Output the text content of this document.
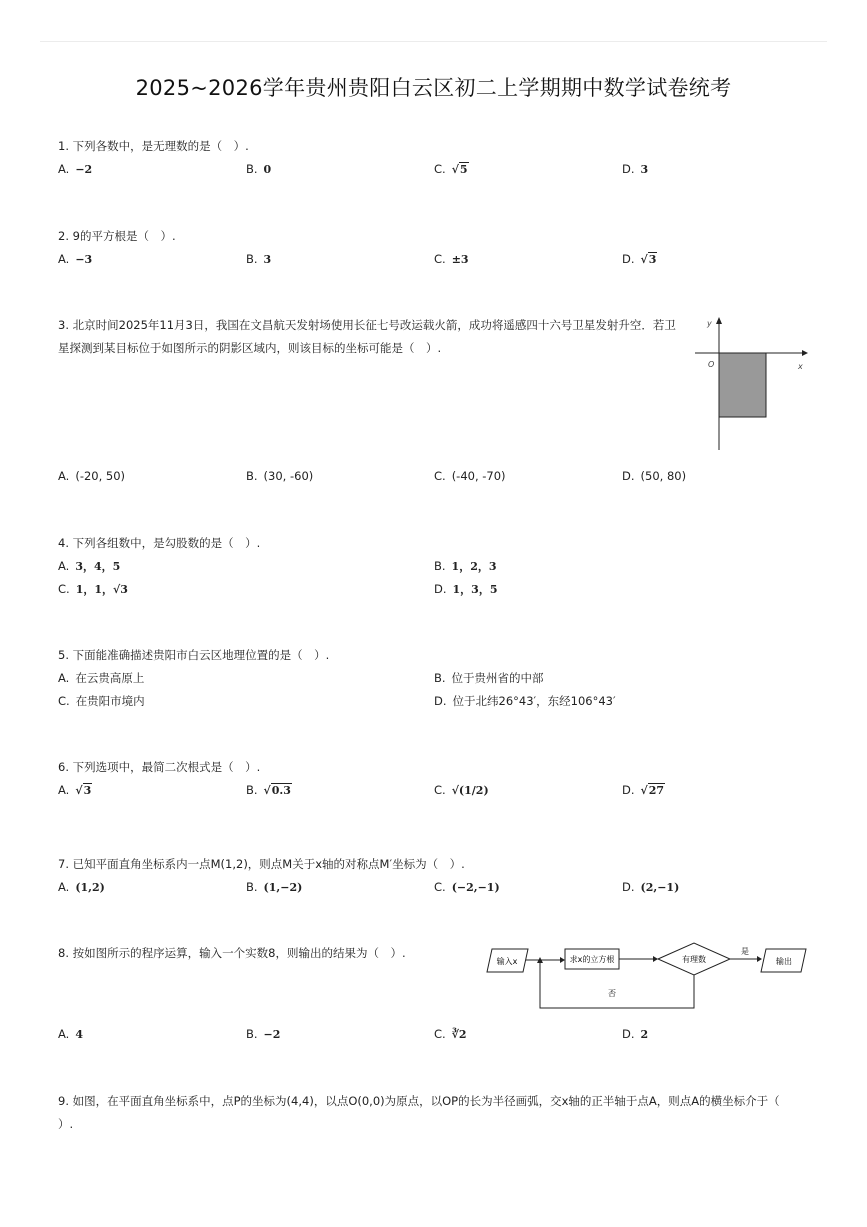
2025~2026学年贵州贵阳白云区初二上学期期中数学试卷统考
1. 下列各数中，是无理数的是（　）.
A. −2	B. 0	C. √5	D. 3
2. 9的平方根是（　）.
A. −3	B. 3	C. ±3	D. √3
3. 北京时间2025年11月3日，我国在文昌航天发射场使用长征七号改运载火箭，成功将遥感四十六号卫星发射升空．若卫
星探测到某目标位于如图所示的阴影区域内，则该目标的坐标可能是（　）.
x
y
O
A. (-20, 50)	B. (30, -60)	C. (-40, -70)	D. (50, 80)
4. 下列各组数中，是勾股数的是（　）.
A. 3，4，5	B. 1，2，3
C. 1，1，√3	D. 1，3，5
5. 下面能准确描述贵阳市白云区地理位置的是（　）.
A. 在云贵高原上	B. 位于贵州省的中部
C. 在贵阳市境内	D. 位于北纬26°43′，东经106°43′
6. 下列选项中，最简二次根式是（　）.
A. √3	B. √0.3	C. √(1/2)	D. √27
7. 已知平面直角坐标系内一点M(1,2)，则点M关于x轴的对称点M′坐标为（　）.
A. (1,2)	B. (1,−2)	C. (−2,−1)	D. (2,−1)
8. 按如图所示的程序运算，输入一个实数8，则输出的结果为（　）.
输入x	求x的立方根	有理数
是
输出
否
A. 4	B. −2	C. ∛2	D. 2
9. 如图，在平面直角坐标系中，点P的坐标为(4,4)，以点O(0,0)为原点，以OP的长为半径画弧，交x轴的正半轴于点A，则点A的横坐标介于（
）.
